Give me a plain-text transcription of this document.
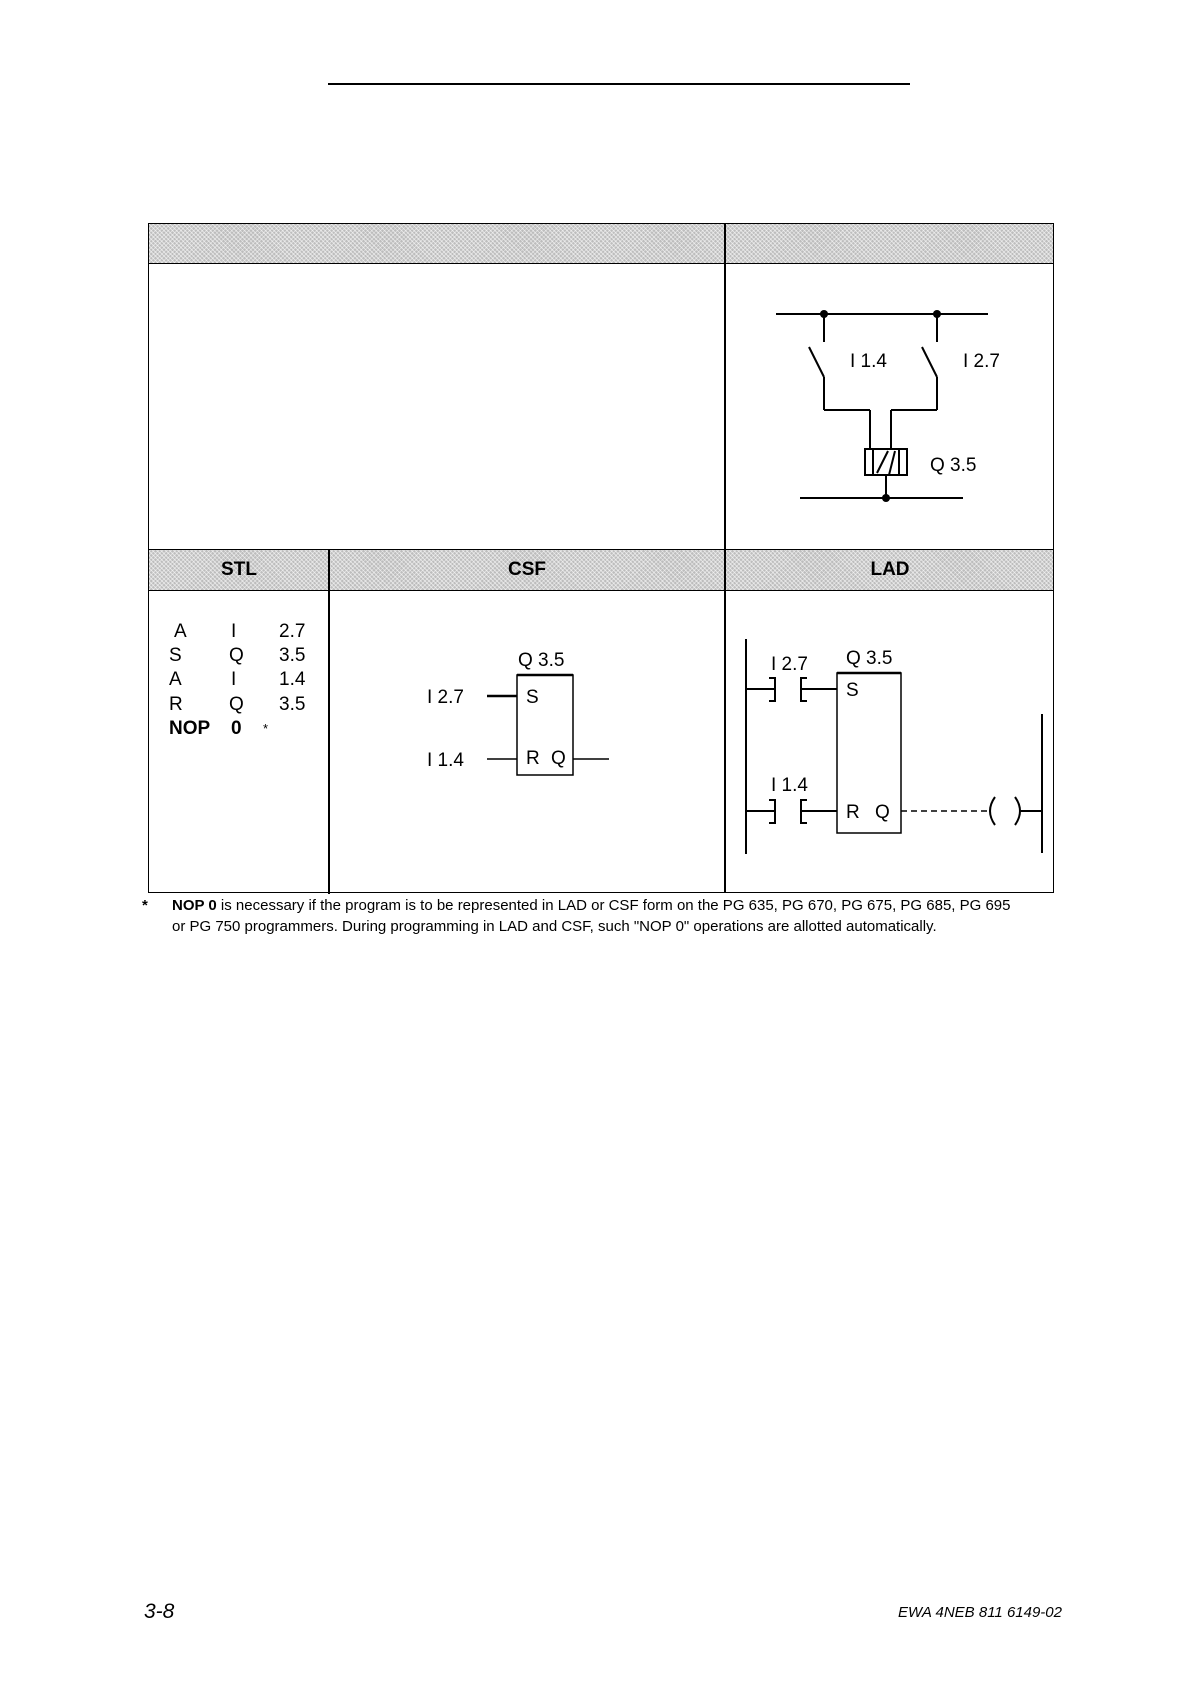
STL	CSF	LAD
I 1.4	I 2.7
Q 3.5
A I 2.7
S Q 3.5
A	I 1.4
R Q 3.5
NOP 0 *
Q 3.5
I 2.7
I 1.4
S
R Q
I 2.7
I 1.4
Q 3.5
S
R Q
* NOP 0 is necessary if the program is to be represented in LAD or CSF form on the PG 635, PG 670, PG 675, PG 685, PG 695
or PG 750 programmers. During programming in LAD and CSF, such "NOP 0" operations are allotted automatically.
3-8	EWA 4NEB 811 6149-02
